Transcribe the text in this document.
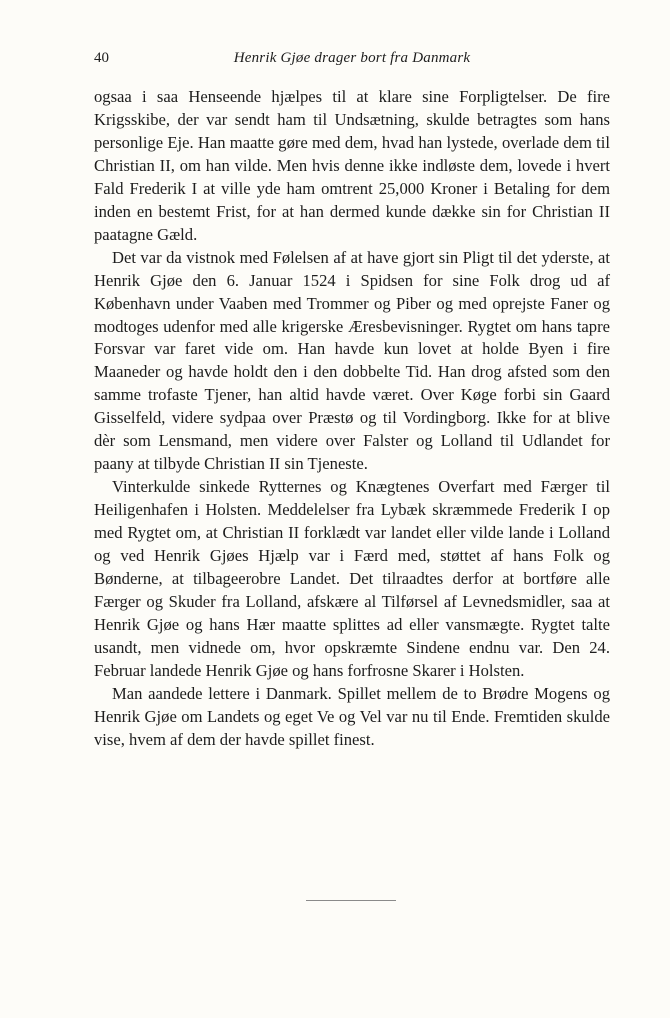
40	Henrik Gjøe drager bort fra Danmark

ogsaa i saa Henseende hjælpes til at klare sine Forpligtelser. De fire Krigsskibe, der var sendt ham til Undsætning, skulde betragtes som hans personlige Eje. Han maatte gøre med dem, hvad han lystede, overlade dem til Christian II, om han vilde. Men hvis denne ikke indløste dem, lovede i hvert Fald Frederik I at ville yde ham omtrent 25,000 Kroner i Betaling for dem inden en bestemt Frist, for at han dermed kunde dække sin for Christian II paatagne Gæld.

Det var da vistnok med Følelsen af at have gjort sin Pligt til det yderste, at Henrik Gjøe den 6. Januar 1524 i Spidsen for sine Folk drog ud af København under Vaaben med Trommer og Piber og med oprejste Faner og modtoges udenfor med alle krigerske Æresbevisninger. Rygtet om hans tapre Forsvar var faret vide om. Han havde kun lovet at holde Byen i fire Maaneder og havde holdt den i den dobbelte Tid. Han drog afsted som den samme trofaste Tjener, han altid havde været. Over Køge forbi sin Gaard Gisselfeld, videre sydpaa over Præstø og til Vordingborg. Ikke for at blive dèr som Lensmand, men videre over Falster og Lolland til Udlandet for paany at tilbyde Christian II sin Tjeneste.

Vinterkulde sinkede Rytternes og Knægtenes Overfart med Færger til Heiligenhafen i Holsten. Meddelelser fra Lybæk skræmmede Frederik I op med Rygtet om, at Christian II forklædt var landet eller vilde lande i Lolland og ved Henrik Gjøes Hjælp var i Færd med, støttet af hans Folk og Bønderne, at tilbageerobre Landet. Det tilraadtes derfor at bortføre alle Færger og Skuder fra Lolland, afskære al Tilførsel af Levnedsmidler, saa at Henrik Gjøe og hans Hær maatte splittes ad eller vansmægte. Rygtet talte usandt, men vidnede om, hvor opskræmte Sindene endnu var. Den 24. Februar landede Henrik Gjøe og hans forfrosne Skarer i Holsten.

Man aandede lettere i Danmark. Spillet mellem de to Brødre Mogens og Henrik Gjøe om Landets og eget Ve og Vel var nu til Ende. Fremtiden skulde vise, hvem af dem der havde spillet finest.
